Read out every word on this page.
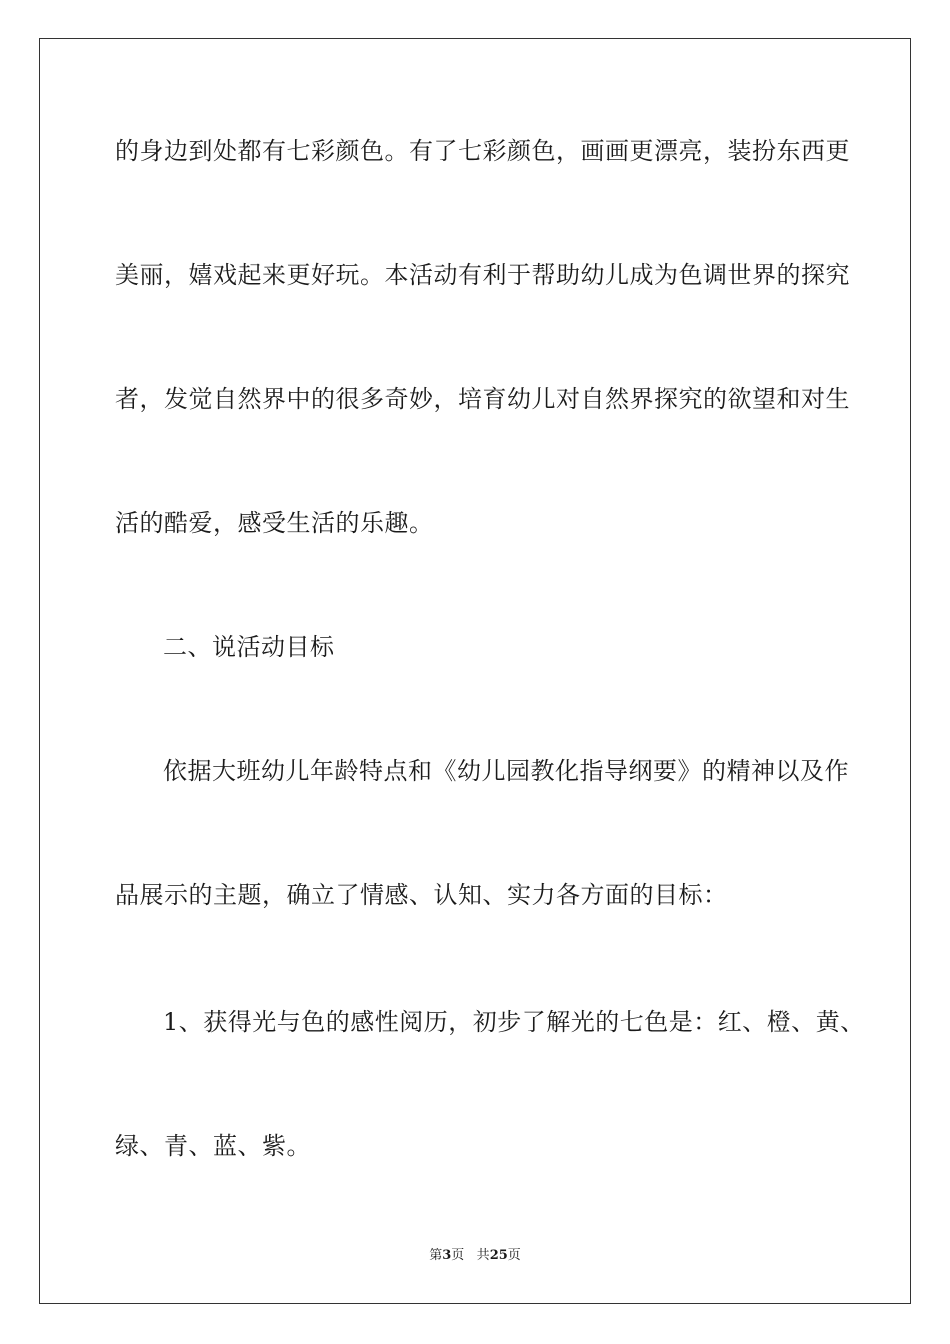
的身边到处都有七彩颜色。有了七彩颜色，画画更漂亮，装扮东西更

美丽，嬉戏起来更好玩。本活动有利于帮助幼儿成为色调世界的探究

者，发觉自然界中的很多奇妙，培育幼儿对自然界探究的欲望和对生

活的酷爱，感受生活的乐趣。

二、说活动目标

依据大班幼儿年龄特点和《幼儿园教化指导纲要》的精神以及作

品展示的主题，确立了情感、认知、实力各方面的目标：

1、获得光与色的感性阅历，初步了解光的七色是：红、橙、黄、

绿、青、蓝、紫。

第3页 共25页
